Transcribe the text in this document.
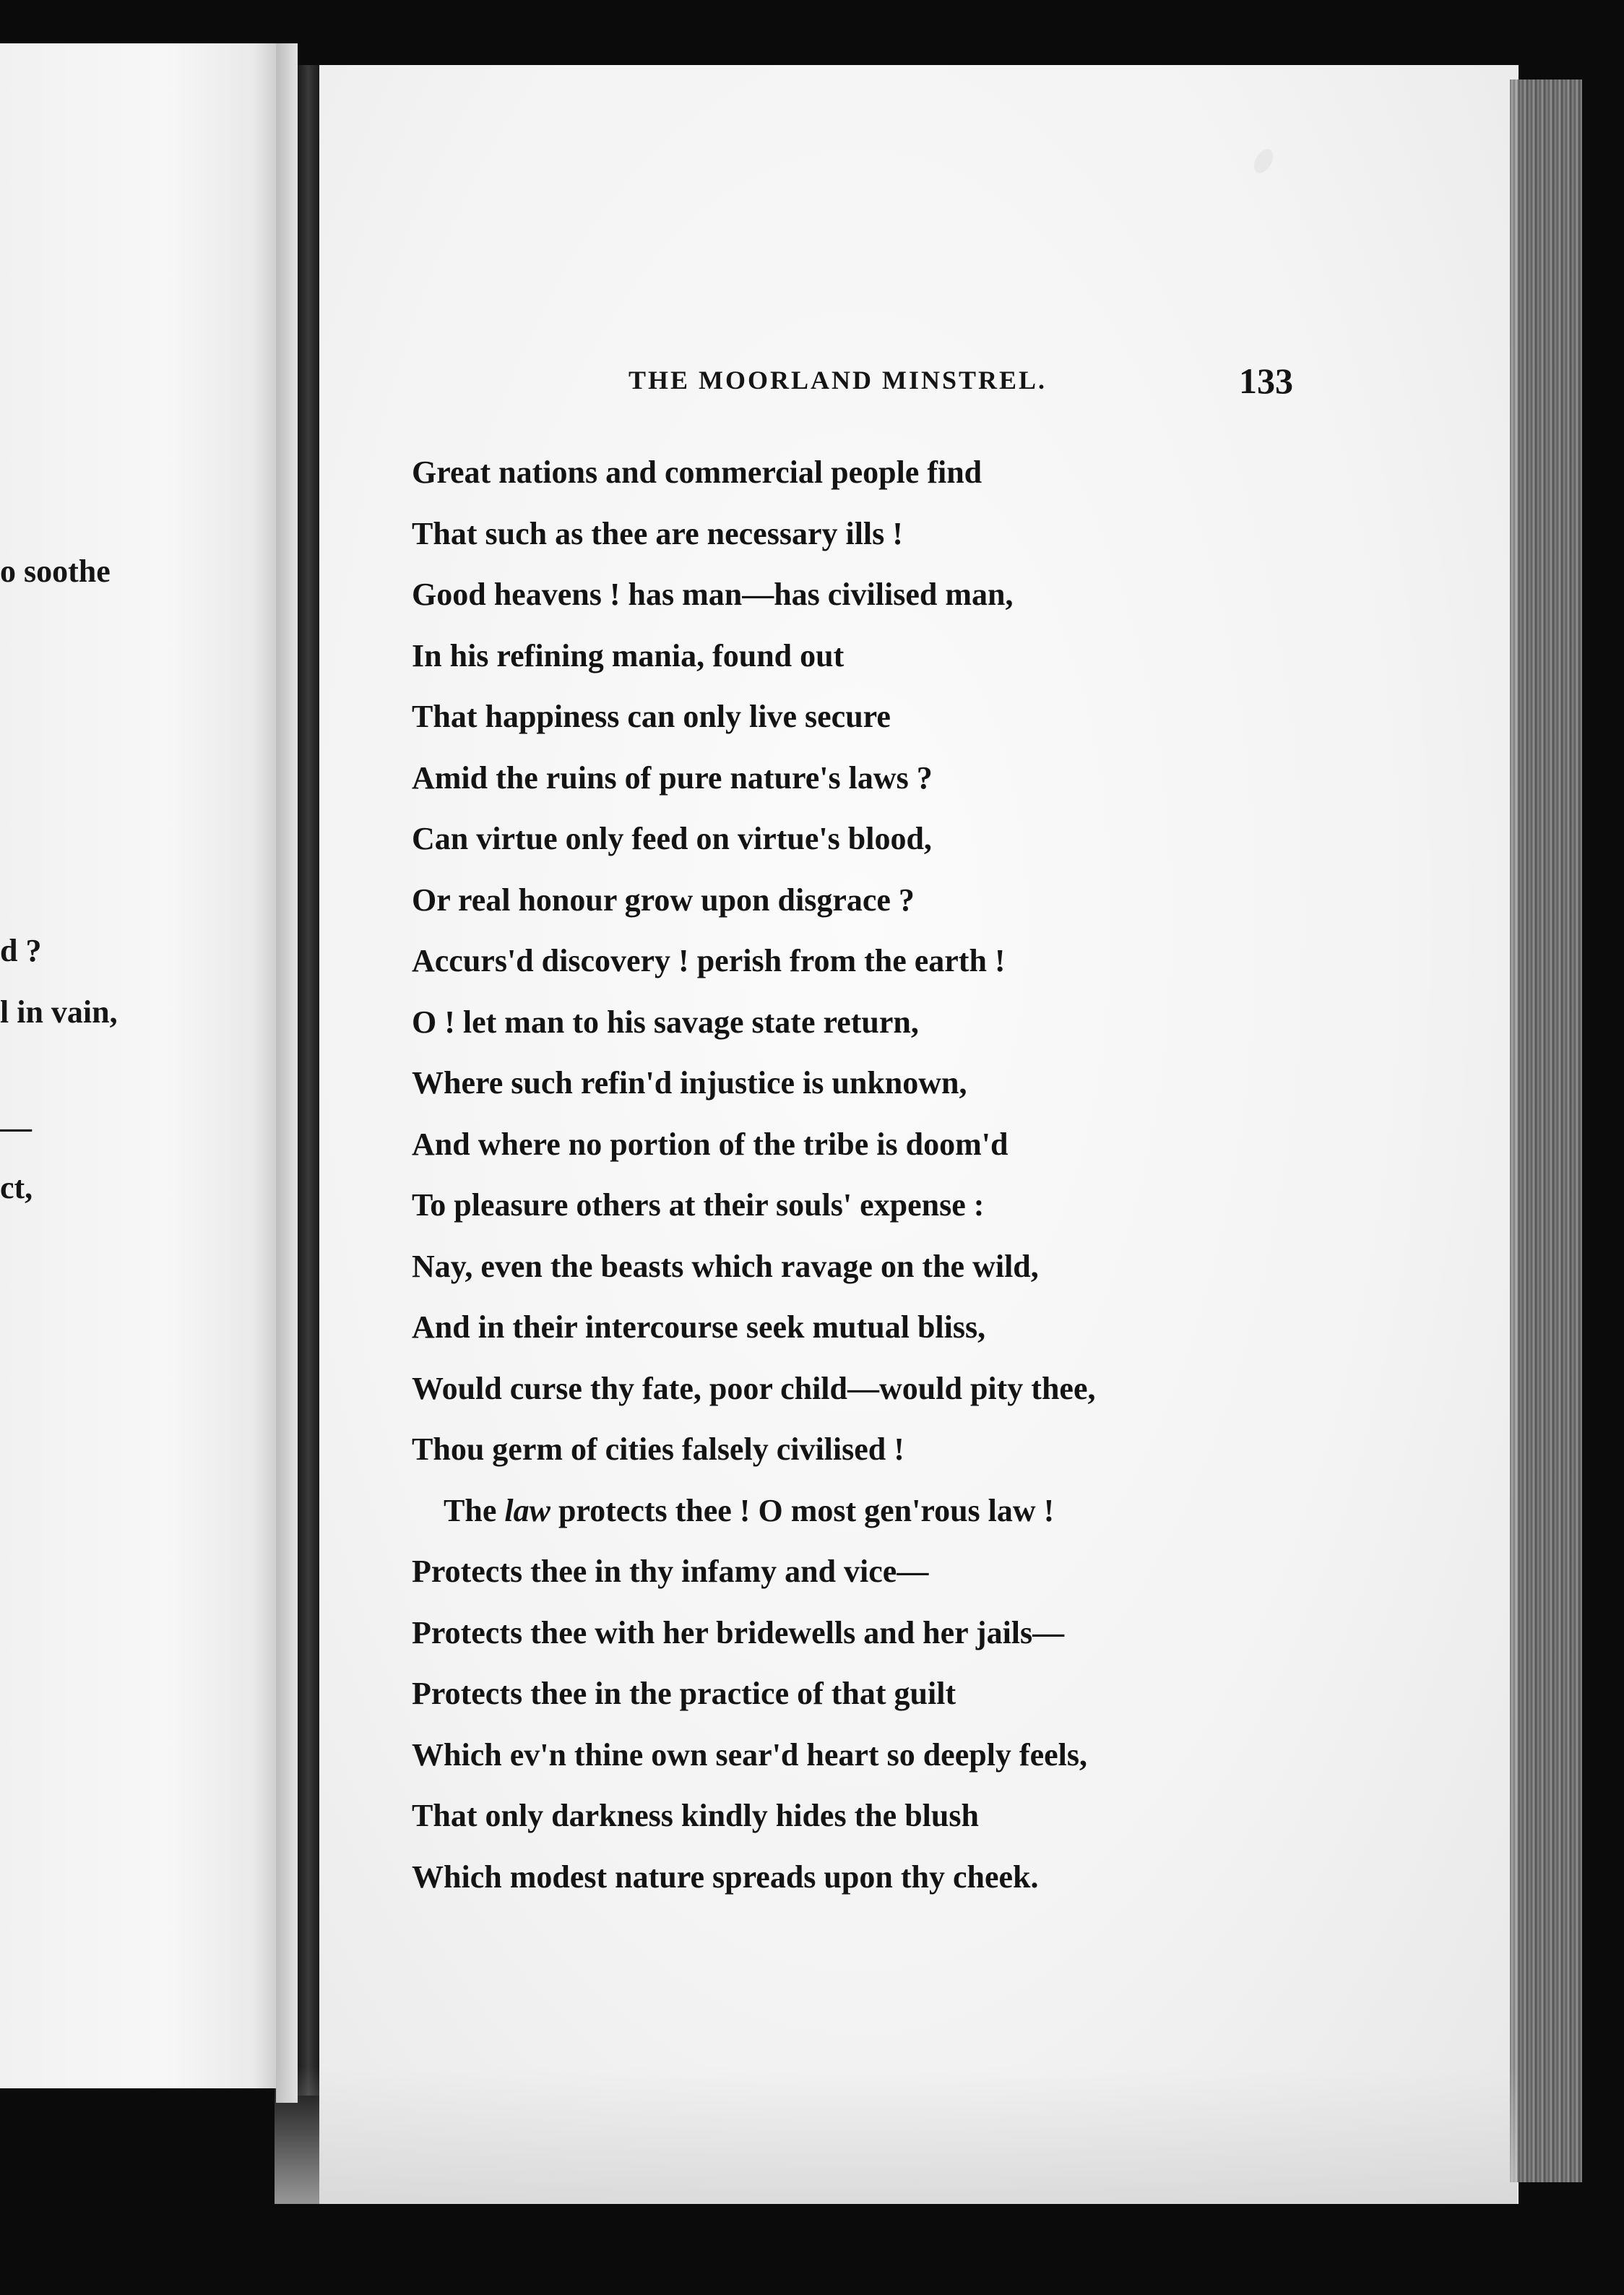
o soothe
d ?
l in vain,
—
ct,
THE MOORLAND MINSTREL.	133
Great nations and commercial people find
That such as thee are necessary ills !
Good heavens ! has man—has civilised man,
In his refining mania, found out
That happiness can only live secure
Amid the ruins of pure nature's laws ?
Can virtue only feed on virtue's blood,
Or real honour grow upon disgrace ?
Accurs'd discovery ! perish from the earth !
O ! let man to his savage state return,
Where such refin'd injustice is unknown,
And where no portion of the tribe is doom'd
To pleasure others at their souls' expense :
Nay, even the beasts which ravage on the wild,
And in their intercourse seek mutual bliss,
Would curse thy fate, poor child—would pity thee,
Thou germ of cities falsely civilised !
The law protects thee ! O most gen'rous law !
Protects thee in thy infamy and vice—
Protects thee with her bridewells and her jails—
Protects thee in the practice of that guilt
Which ev'n thine own sear'd heart so deeply feels,
That only darkness kindly hides the blush
Which modest nature spreads upon thy cheek.
